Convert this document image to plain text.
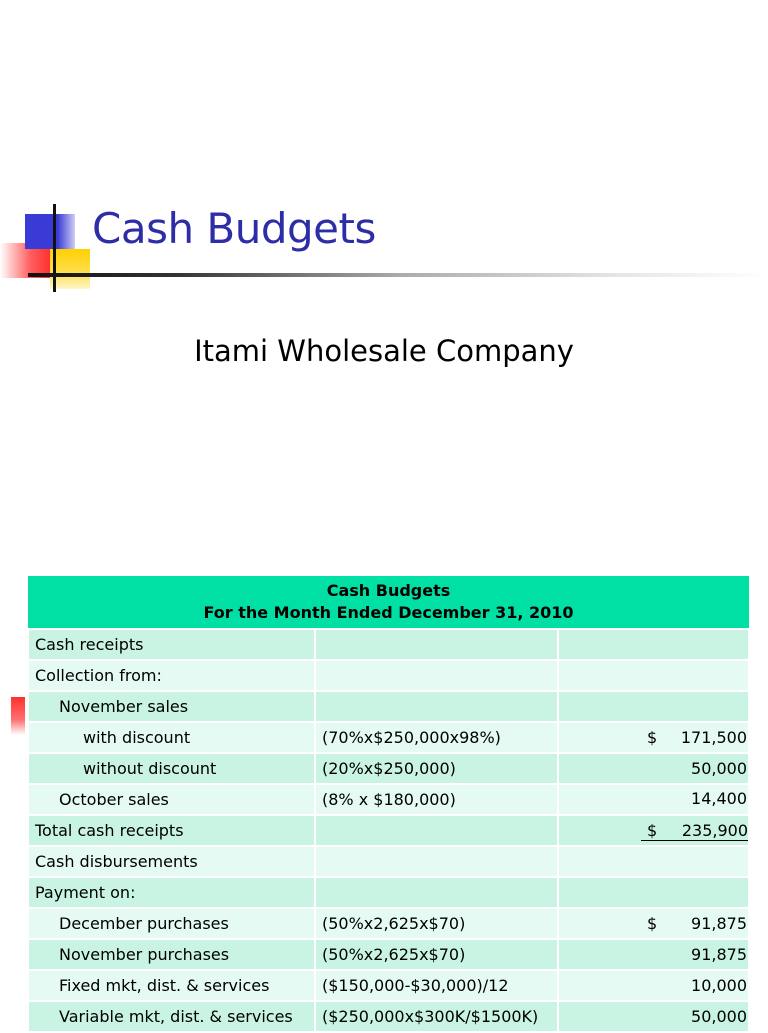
Cash Budgets
Itami Wholesale Company
Cash Budgets
For the Month Ended December 31, 2010		

Cash receipts		
Collection from:		
November sales		
with discount	(70%x$250,000x98%)	$ 171,500

without discount	(20%x$250,000)	50,000

October sales	(8% x $180,000)	14,400

Total cash receipts		$ 235,900

Cash disbursements		
Payment on:		
December purchases	(50%x2,625x$70)	$ 91,875

November purchases	(50%x2,625x$70)	91,875

Fixed mkt, dist. & services	($150,000-$30,000)/12	10,000

Variable mkt, dist. & services	($250,000x$300K/$1500K)	50,000
